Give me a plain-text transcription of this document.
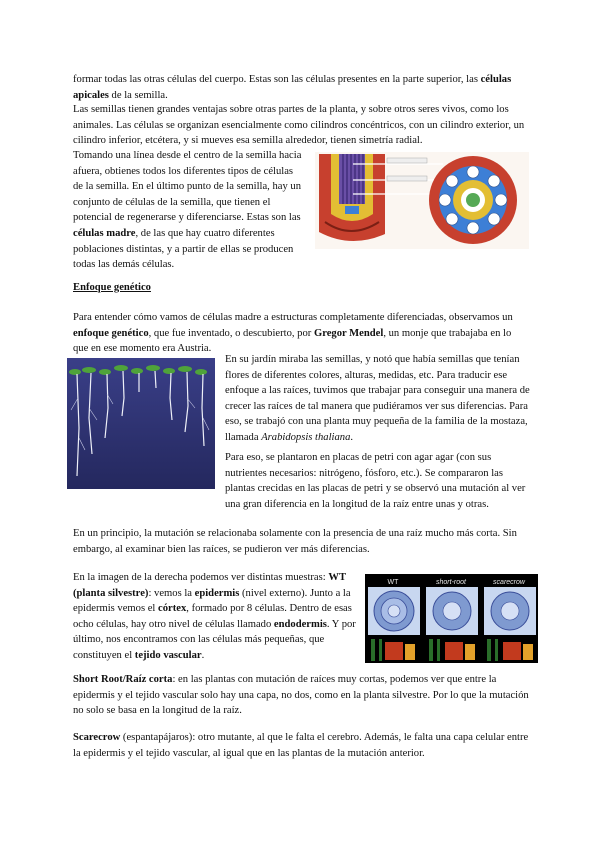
formar todas las otras células del cuerpo. Estas son las células presentes en la parte superior, las células apicales de la semilla.

Las semillas tienen grandes ventajas sobre otras partes de la planta, y sobre otros seres vivos, como los animales. Las células se organizan esencialmente como cilindros concéntricos, con un cilindro exterior, un cilindro inferior, etcétera, y si mueves esa semilla alrededor, tienen simetría radial.

Tomando una línea desde el centro de la semilla hacia afuera, obtienes todos los diferentes tipos de células de la semilla. En el último punto de la semilla, hay un conjunto de células de la semilla, que tienen el potencial de regenerarse y diferenciarse. Estas son las células madre, de las que hay cuatro diferentes poblaciones distintas, y a partir de ellas se producen todas las demás células.

Enfoque genético

Para entender cómo vamos de células madre a estructuras completamente diferenciadas, observamos un enfoque genético, que fue inventado, o descubierto, por Gregor Mendel, un monje que trabajaba en lo que en ese momento era Austria.

En su jardín miraba las semillas, y notó que había semillas que tenían flores de diferentes colores, alturas, medidas, etc. Para traducir ese enfoque a las raíces, tuvimos que trabajar para conseguir una manera de crecer las raíces de tal manera que pudiéramos ver sus diferencias. Para eso, se trabajó con una planta muy pequeña de la familia de la mostaza, llamada Arabidopsis thaliana.

Para eso, se plantaron en placas de petri con agar agar (con sus nutrientes necesarios: nitrógeno, fósforo, etc.). Se compararon las plantas crecidas en las placas de petri y se observó una mutación al ver una gran diferencia en la longitud de la raíz entre unas y otras.

En un principio, la mutación se relacionaba solamente con la presencia de una raíz mucho más corta. Sin embargo, al examinar bien las raíces, se pudieron ver más diferencias.

En la imagen de la derecha podemos ver distintas muestras: WT (planta silvestre): vemos la epidermis (nivel externo). Junto a la epidermis vemos el córtex, formado por 8 células. Dentro de esas ocho células, hay otro nivel de células llamado endodermis. Y por último, nos encontramos con las células más pequeñas, que constituyen el tejido vascular.

WT	short-root	scarecrow

Short Root/Raíz corta: en las plantas con mutación de raíces muy cortas, podemos ver que entre la epidermis y el tejido vascular solo hay una capa, no dos, como en la planta silvestre. Por lo que la mutación no solo se basa en la longitud de la raíz.

Scarecrow (espantapájaros): otro mutante, al que le falta el cerebro. Además, le falta una capa celular entre la epidermis y el tejido vascular, al igual que en las plantas de la mutación anterior.
